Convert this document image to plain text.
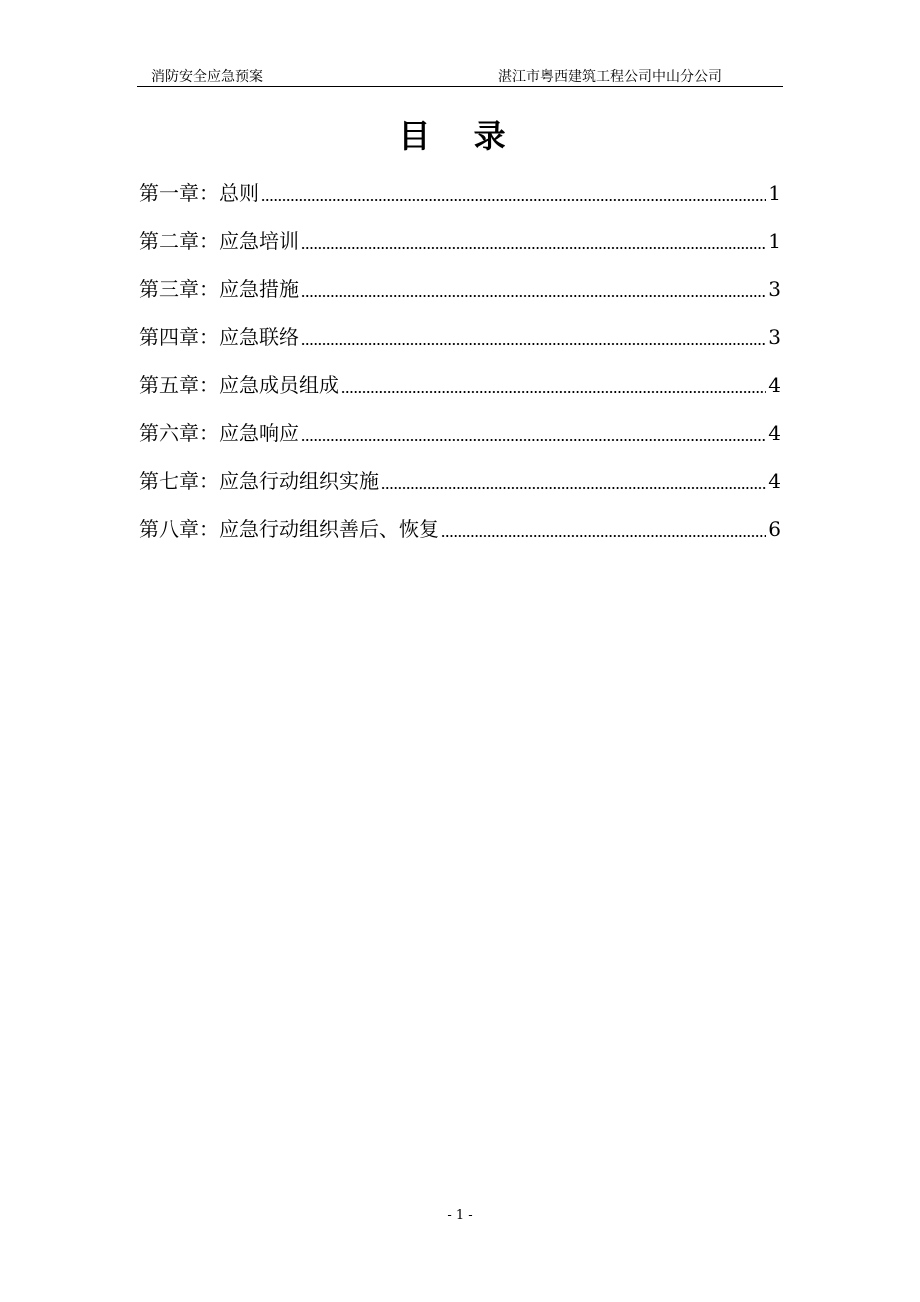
消防安全应急预案	湛江市粤西建筑工程公司中山分公司
目 录
第一章：总则	1
第二章：应急培训	1
第三章：应急措施	3
第四章：应急联络	3
第五章：应急成员组成	4
第六章：应急响应	4
第七章：应急行动组织实施	4
第八章：应急行动组织善后、恢复	6
- 1 -
